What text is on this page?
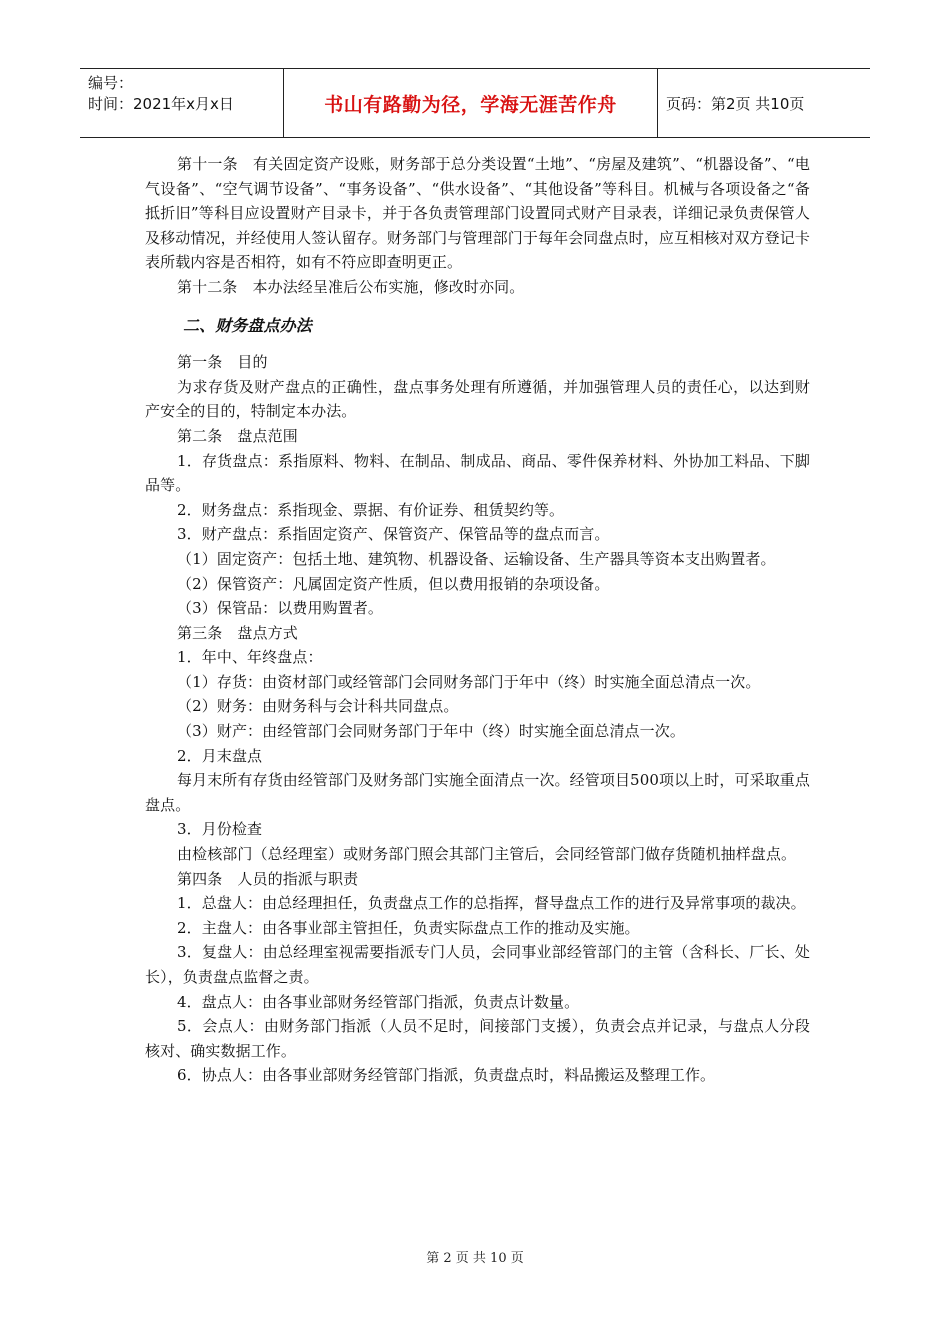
编号：
时间：2021年x月x日	书山有路勤为径，学海无涯苦作舟	页码：第2页 共10页

第十一条　有关固定资产设账，财务部于总分类设置“土地”、“房屋及建筑”、“机器设备”、“电气设备”、“空气调节设备”、“事务设备”、“供水设备”、“其他设备”等科目。机械与各项设备之“备抵折旧”等科目应设置财产目录卡，并于各负责管理部门设置同式财产目录表，详细记录负责保管人及移动情况，并经使用人签认留存。财务部门与管理部门于每年会同盘点时，应互相核对双方登记卡表所载内容是否相符，如有不符应即查明更正。

第十二条　本办法经呈准后公布实施，修改时亦同。

二、财务盘点办法

第一条　目的

为求存货及财产盘点的正确性，盘点事务处理有所遵循，并加强管理人员的责任心，以达到财产安全的目的，特制定本办法。

第二条　盘点范围

1．存货盘点：系指原料、物料、在制品、制成品、商品、零件保养材料、外协加工料品、下脚品等。

2．财务盘点：系指现金、票据、有价证券、租赁契约等。

3．财产盘点：系指固定资产、保管资产、保管品等的盘点而言。

（1）固定资产：包括土地、建筑物、机器设备、运输设备、生产器具等资本支出购置者。

（2）保管资产：凡属固定资产性质，但以费用报销的杂项设备。

（3）保管品：以费用购置者。

第三条　盘点方式

1．年中、年终盘点：

（1）存货：由资材部门或经管部门会同财务部门于年中（终）时实施全面总清点一次。

（2）财务：由财务科与会计科共同盘点。

（3）财产：由经管部门会同财务部门于年中（终）时实施全面总清点一次。

2．月末盘点

每月末所有存货由经管部门及财务部门实施全面清点一次。经管项目500项以上时，可采取重点盘点。

3．月份检查

由检核部门（总经理室）或财务部门照会其部门主管后，会同经管部门做存货随机抽样盘点。

第四条　人员的指派与职责

1．总盘人：由总经理担任，负责盘点工作的总指挥，督导盘点工作的进行及异常事项的裁决。

2．主盘人：由各事业部主管担任，负责实际盘点工作的推动及实施。

3．复盘人：由总经理室视需要指派专门人员，会同事业部经管部门的主管（含科长、厂长、处长），负责盘点监督之责。

4．盘点人：由各事业部财务经管部门指派，负责点计数量。

5．会点人：由财务部门指派（人员不足时，间接部门支援），负责会点并记录，与盘点人分段核对、确实数据工作。

6．协点人：由各事业部财务经管部门指派，负责盘点时，料品搬运及整理工作。

第 2 页 共 10 页
